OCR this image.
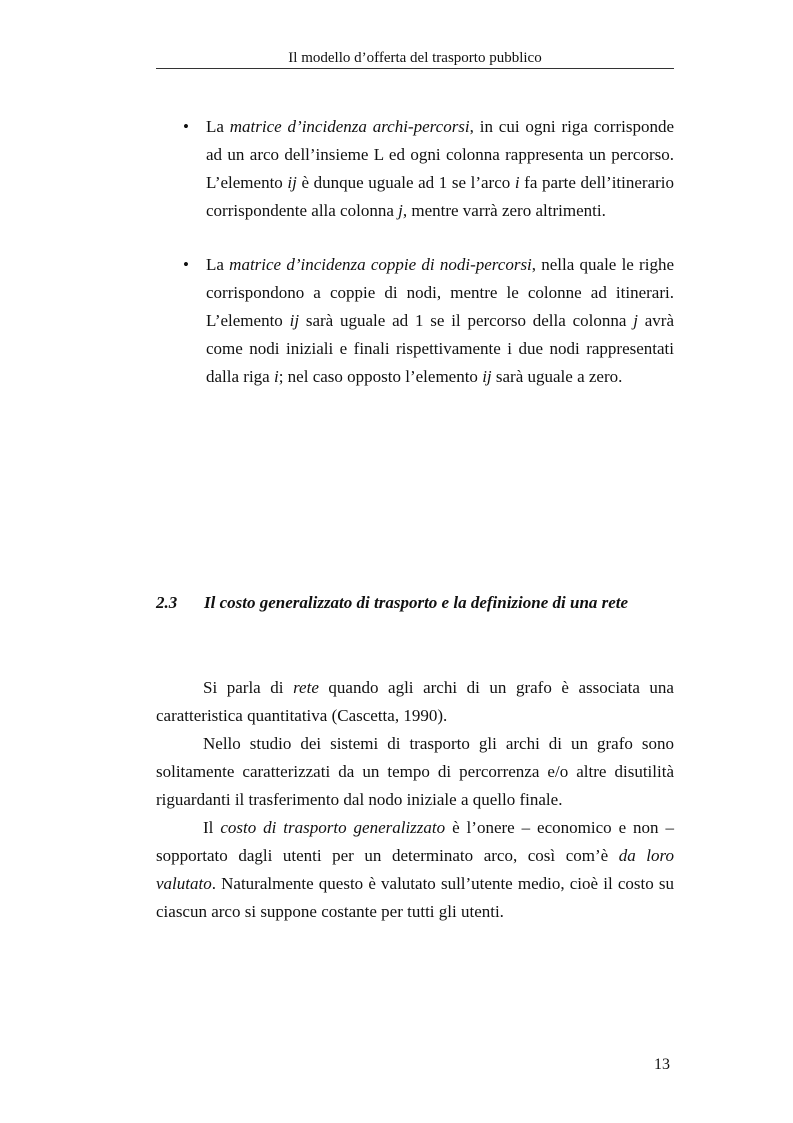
Il modello d’offerta del trasporto pubblico
• La matrice d’incidenza archi-percorsi, in cui ogni riga corrisponde ad un arco dell’insieme L ed ogni colonna rappresenta un percorso. L’elemento ij è dunque uguale ad 1 se l’arco i fa parte dell’itinerario corrispondente alla colonna j, mentre varrà zero altrimenti.
• La matrice d’incidenza coppie di nodi-percorsi, nella quale le righe corrispondono a coppie di nodi, mentre le colonne ad itinerari. L’elemento ij sarà uguale ad 1 se il percorso della colonna j avrà come nodi iniziali e finali rispettivamente i due nodi rappresentati dalla riga i; nel caso opposto l’elemento ij sarà uguale a zero.
2.3 Il costo generalizzato di trasporto e la definizione di una rete

Si parla di rete quando agli archi di un grafo è associata una caratteristica quantitativa (Cascetta, 1990).

Nello studio dei sistemi di trasporto gli archi di un grafo sono solitamente caratterizzati da un tempo di percorrenza e/o altre disutilità riguardanti il trasferimento dal nodo iniziale a quello finale.

Il costo di trasporto generalizzato è l’onere – economico e non – sopportato dagli utenti per un determinato arco, così com’è da loro valutato. Naturalmente questo è valutato sull’utente medio, cioè il costo su ciascun arco si suppone costante per tutti gli utenti.

13
